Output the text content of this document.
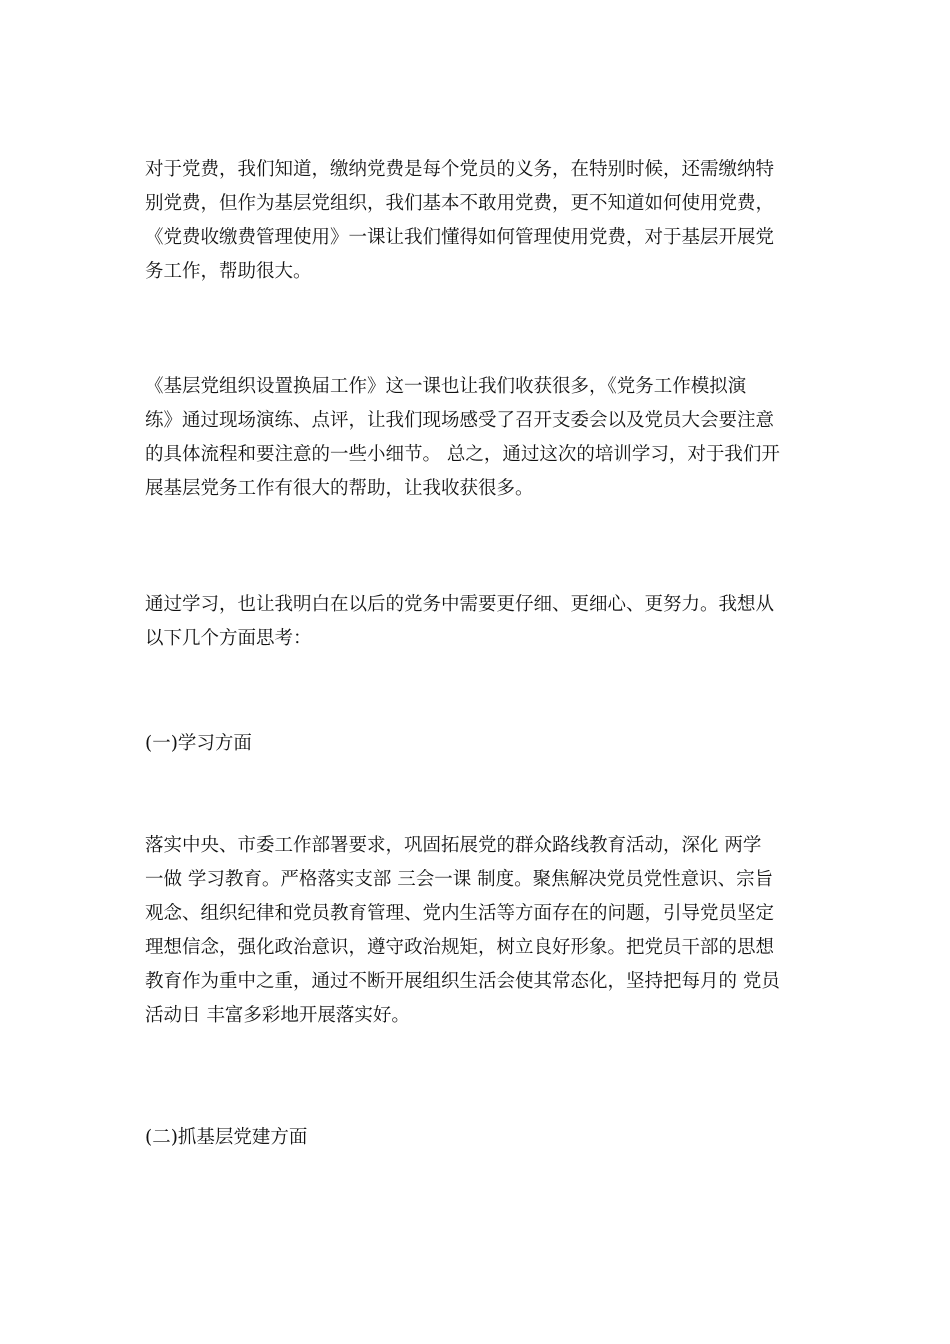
对于党费，我们知道，缴纳党费是每个党员的义务，在特别时候，还需缴纳特
别党费，但作为基层党组织，我们基本不敢用党费，更不知道如何使用党费，
《党费收缴费管理使用》一课让我们懂得如何管理使用党费，对于基层开展党
务工作，帮助很大。
《基层党组织设置换届工作》这一课也让我们收获很多，《党务工作模拟演
练》通过现场演练、点评，让我们现场感受了召开支委会以及党员大会要注意
的具体流程和要注意的一些小细节。 总之，通过这次的培训学习，对于我们开
展基层党务工作有很大的帮助，让我收获很多。
通过学习，也让我明白在以后的党务中需要更仔细、更细心、更努力。我想从
以下几个方面思考：

(一)学习方面

落实中央、市委工作部署要求，巩固拓展党的群众路线教育活动，深化 两学
一做 学习教育。严格落实支部 三会一课 制度。聚焦解决党员党性意识、宗旨
观念、组织纪律和党员教育管理、党内生活等方面存在的问题，引导党员坚定
理想信念，强化政治意识，遵守政治规矩，树立良好形象。把党员干部的思想
教育作为重中之重，通过不断开展组织生活会使其常态化，坚持把每月的 党员
活动日 丰富多彩地开展落实好。

(二)抓基层党建方面
